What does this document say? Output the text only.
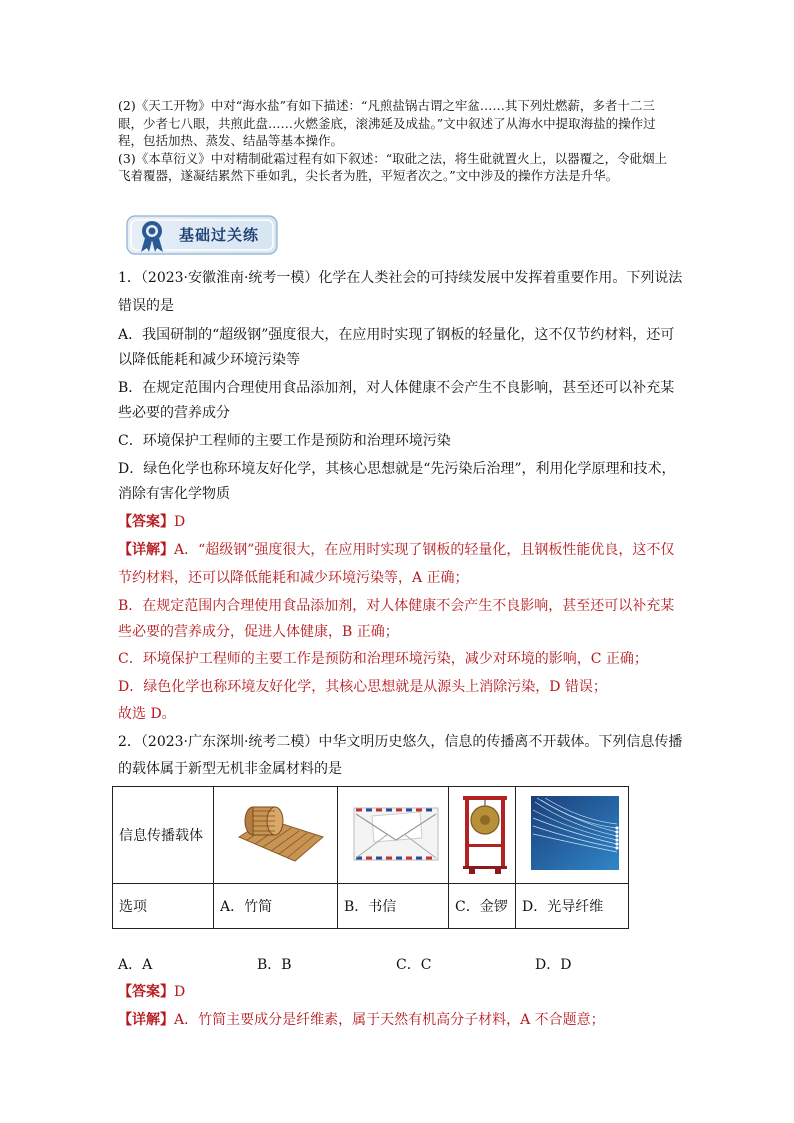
(2)《天工开物》中对“海水盐”有如下描述：“凡煎盐锅古谓之牢盆……其下列灶燃薪，多者十二三眼，少者七八眼，共煎此盘……火燃釜底，滚沸延及成盐。”文中叙述了从海水中提取海盐的操作过程，包括加热、蒸发、结晶等基本操作。

(3)《本草衍义》中对精制砒霜过程有如下叙述：“取砒之法，将生砒就置火上，以器覆之，令砒烟上飞着覆器，遂凝结累然下垂如乳，尖长者为胜，平短者次之。”文中涉及的操作方法是升华。

基础过关练
1．（2023·安徽淮南·统考一模）化学在人类社会的可持续发展中发挥着重要作用。下列说法
错误的是
A．我国研制的“超级钢”强度很大，在应用时实现了钢板的轻量化，这不仅节约材料，还可
以降低能耗和减少环境污染等
B．在规定范围内合理使用食品添加剂，对人体健康不会产生不良影响，甚至还可以补充某
些必要的营养成分
C．环境保护工程师的主要工作是预防和治理环境污染
D．绿色化学也称环境友好化学，其核心思想就是“先污染后治理”，利用化学原理和技术，
消除有害化学物质
【答案】D
【详解】A．“超级钢”强度很大，在应用时实现了钢板的轻量化，且钢板性能优良，这不仅
节约材料，还可以降低能耗和减少环境污染等，A 正确；
B．在规定范围内合理使用食品添加剂，对人体健康不会产生不良影响，甚至还可以补充某
些必要的营养成分，促进人体健康，B 正确；
C．环境保护工程师的主要工作是预防和治理环境污染，减少对环境的影响，C 正确；
D．绿色化学也称环境友好化学，其核心思想就是从源头上消除污染，D 错误；
故选 D。
2．（2023·广东深圳·统考二模）中华文明历史悠久，信息的传播离不开载体。下列信息传播
的载体属于新型无机非金属材料的是
信息传播载体				
选项	A．竹简	B．书信	C．金锣	D．光导纤维
A．A	B．B	C．C	D．D
【答案】D
【详解】A．竹简主要成分是纤维素，属于天然有机高分子材料，A 不合题意；
